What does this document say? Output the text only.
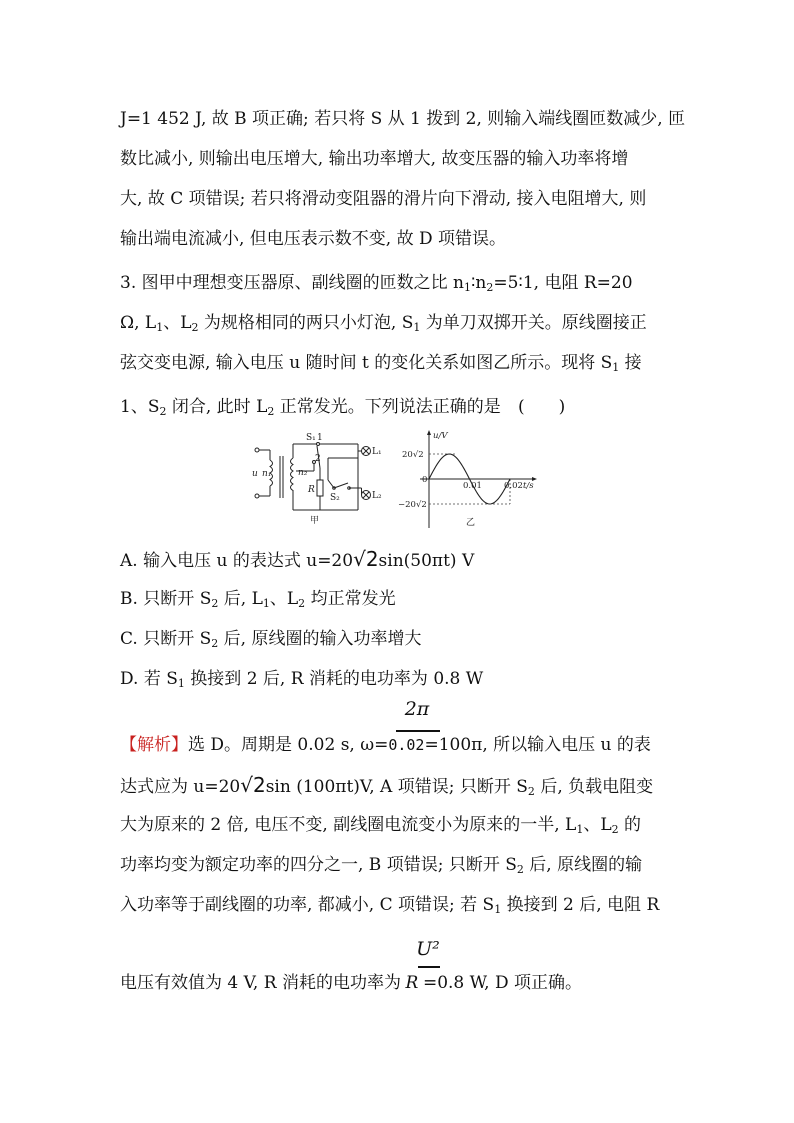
J=1 452 J, 故 B 项正确; 若只将 S 从 1 拨到 2, 则输入端线圈匝数减少, 匝
数比减小, 则输出电压增大, 输出功率增大, 故变压器的输入功率将增
大, 故 C 项错误; 若只将滑动变阻器的滑片向下滑动, 接入电阻增大, 则
输出端电流减小, 但电压表示数不变, 故 D 项错误。
3. 图甲中理想变压器原、副线圈的匝数之比 $n_1∶n_2=5∶1$, 电阻 R=20
Ω, $L_1$、$L_2$ 为规格相同的两只小灯泡, $S_1$ 为单刀双掷开关。原线圈接正
弦交变电源, 输入电压 u 随时间 t 的变化关系如图乙所示。现将 $S_1$ 接
1、$S_2$ 闭合, 此时 $L_2$ 正常发光。下列说法正确的是 (　　)
u n₁	n₂
S₁ 1
2
R
S₂
L₁
L₂
甲
u/V
20√2
−20√2
0
0.01	0.02 t/s
乙
A. 输入电压 u 的表达式 u=20√2sin(50πt) V
B. 只断开 $S_2$ 后, $L_1$、$L_2$ 均正常发光
C. 只断开 $S_2$ 后, 原线圈的输入功率增大
D. 若 $S_1$ 换接到 2 后, R 消耗的电功率为 0.8 W
2π
【解析】选 D。周期是 0.02 s, ω=0.02=100π, 所以输入电压 u 的表
达式应为 u=20√2sin (100πt)V, A 项错误; 只断开 $S_2$ 后, 负载电阻变
大为原来的 2 倍, 电压不变, 副线圈电流变小为原来的一半, $L_1$、$L_2$ 的
功率均变为额定功率的四分之一, B 项错误; 只断开 $S_2$ 后, 原线圈的输
入功率等于副线圈的功率, 都减小, C 项错误; 若 $S_1$ 换接到 2 后, 电阻 R
U²
电压有效值为 4 V, R 消耗的电功率为 R =0.8 W, D 项正确。
